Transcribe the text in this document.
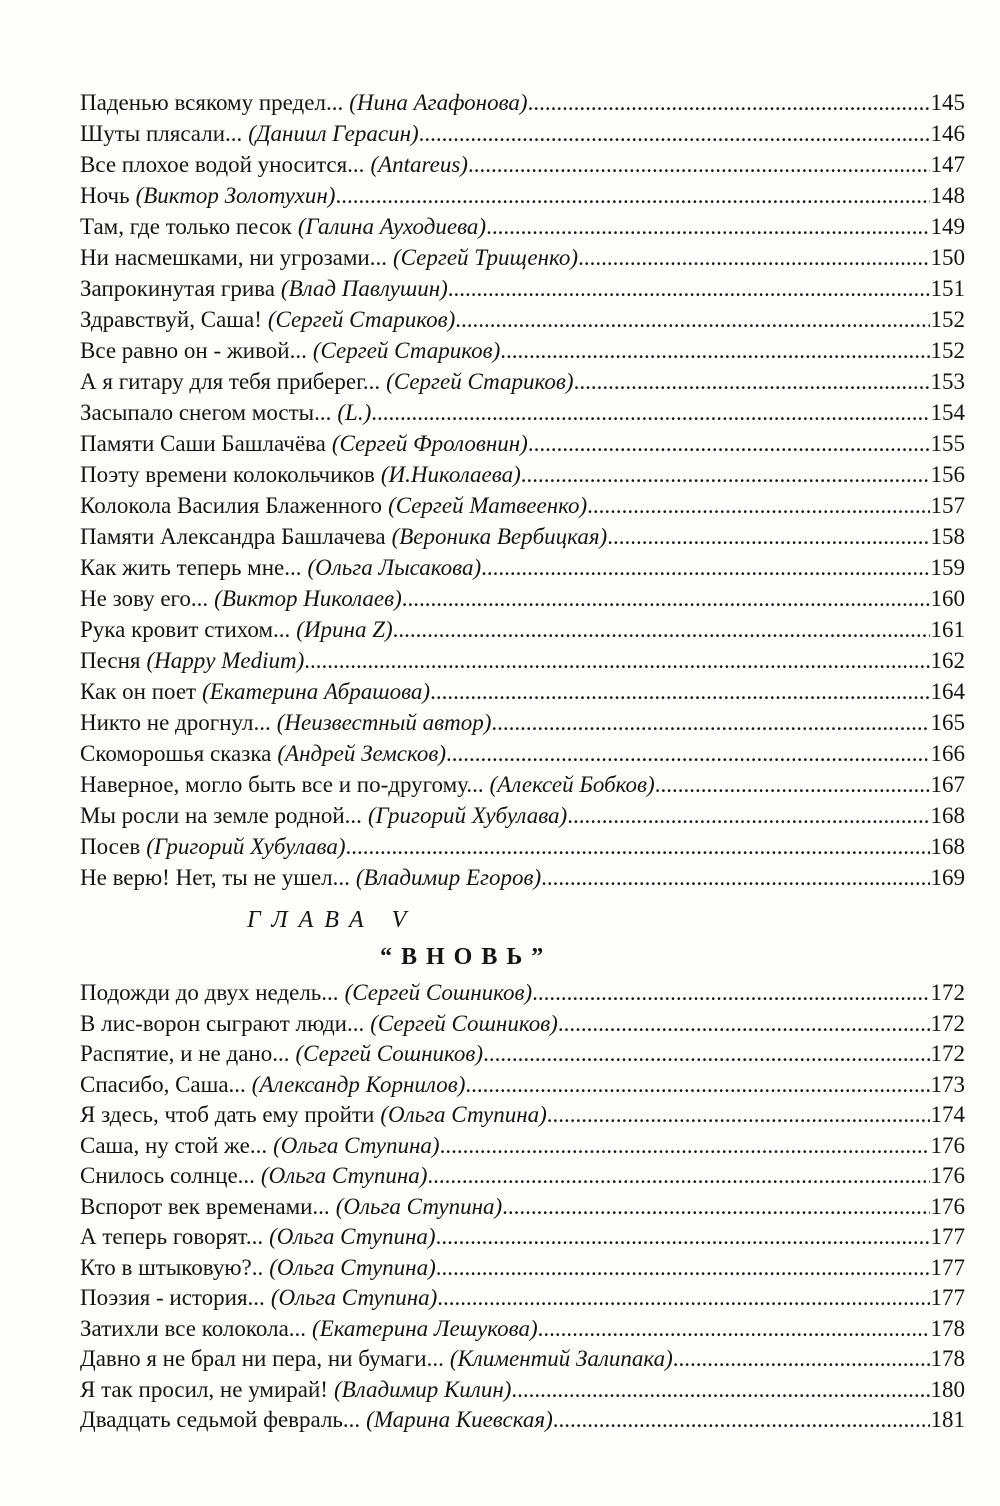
Паденью всякому предел... (Нина Агафонова) .....	145
Шуты плясали... (Даниил Герасин) .....	146
Все плохое водой уносится... (Antareus) .....	147
Ночь (Виктор Золотухин) .....	148
Там, где только песок (Галина Ауходиева) .....	149
Ни насмешками, ни угрозами... (Сергей Трищенко) .....	150
Запрокинутая грива (Влад Павлушин) .....	151
Здравствуй, Саша! (Сергей Стариков) .....	152
Все равно он - живой... (Сергей Стариков) .....	152
А я гитару для тебя приберег... (Сергей Стариков) .....	153
Засыпало снегом мосты... (L.) .....	154
Памяти Саши Башлачёва (Сергей Фроловнин) .....	155
Поэту времени колокольчиков (И.Николаева) .....	156
Колокола Василия Блаженного (Сергей Матвеенко) .....	157
Памяти Александра Башлачева (Вероника Вербицкая) .....	158
Как жить теперь мне... (Ольга Лысакова) .....	159
Не зову его... (Виктор Николаев) .....	160
Рука кровит стихом... (Ирина Z) .....	161
Песня (Happy Medium) .....	162
Как он поет (Екатерина Абрашова) .....	164
Никто не дрогнул... (Неизвестный автор) .....	165
Скоморошья сказка (Андрей Земсков) .....	166
Наверное, могло быть все и по-другому... (Алексей Бобков) .....	167
Мы росли на земле родной... (Григорий Хубулава) .....	168
Посев (Григорий Хубулава) .....	168
Не верю! Нет, ты не ушел... (Владимир Егоров) .....	169
ГЛАВА V
“ВНОВЬ”
Подожди до двух недель... (Сергей Сошников) .....	172
В лис-ворон сыграют люди... (Сергей Сошников) .....	172
Распятие, и не дано... (Сергей Сошников) .....	172
Спасибо, Саша... (Александр Корнилов) .....	173
Я здесь, чтоб дать ему пройти (Ольга Ступина) .....	174
Саша, ну стой же... (Ольга Ступина) .....	176
Снилось солнце... (Ольга Ступина) .....	176
Вспорот век временами... (Ольга Ступина) .....	176
А теперь говорят... (Ольга Ступина) .....	177
Кто в штыковую?.. (Ольга Ступина) .....	177
Поэзия - история... (Ольга Ступина) .....	177
Затихли все колокола... (Екатерина Лешукова) .....	178
Давно я не брал ни пера, ни бумаги... (Климентий Залипака) .....	178
Я так просил, не умирай! (Владимир Килин) .....	180
Двадцать седьмой февраль... (Марина Киевская) .....	181
